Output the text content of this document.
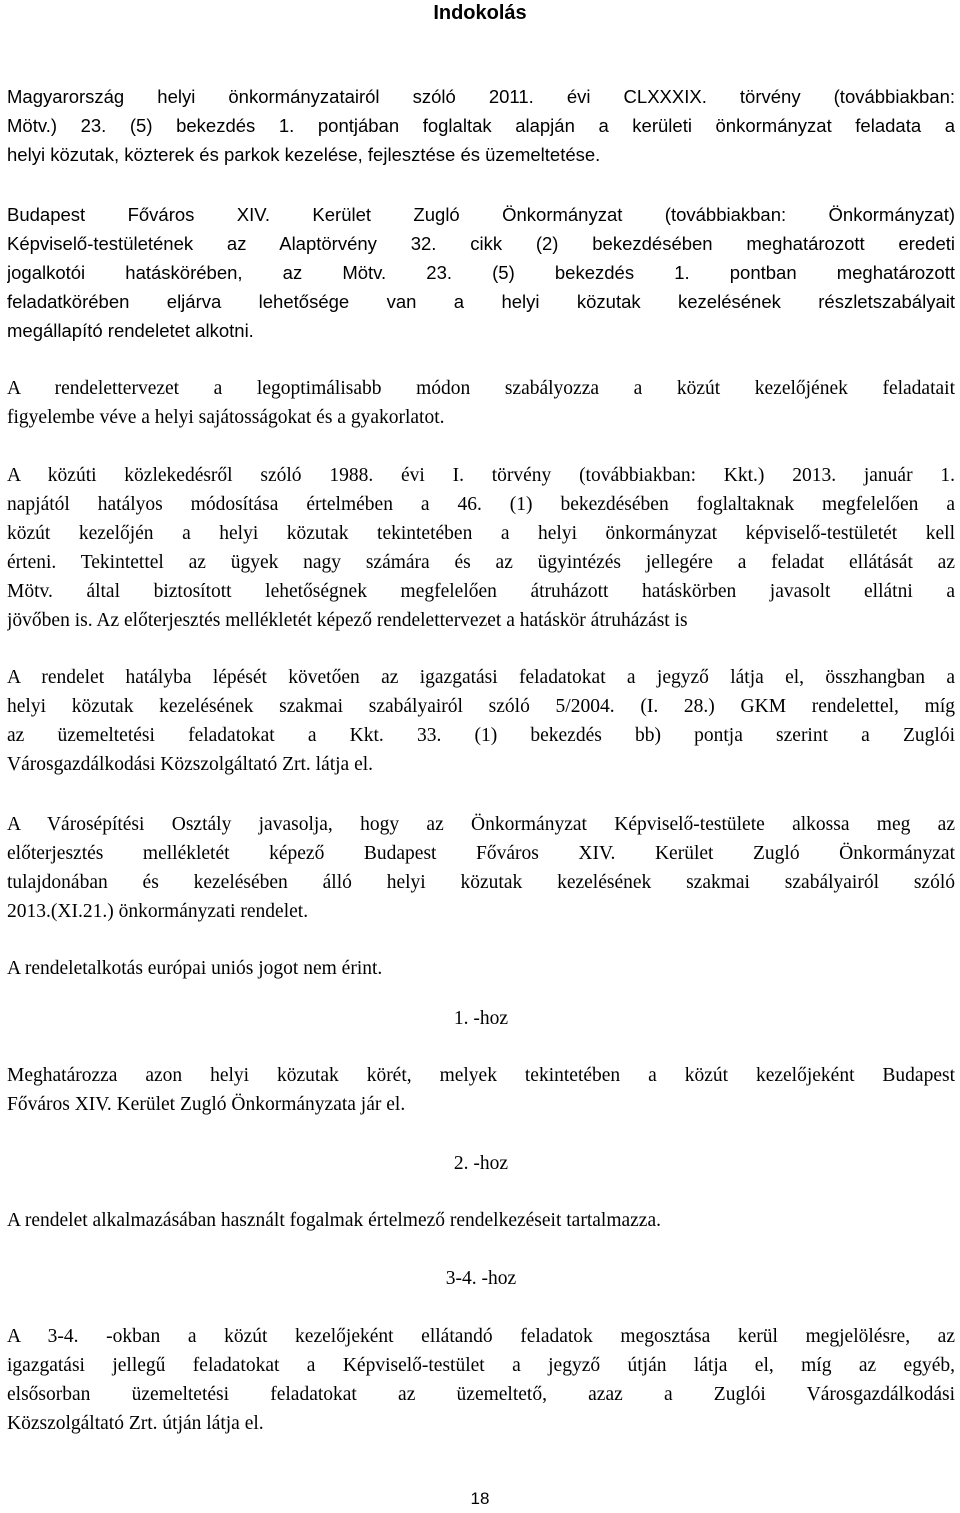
Indokolás
Magyarország helyi önkormányzatairól szóló 2011. évi CLXXXIX. törvény (továbbiakban:
Mötv.) 23. (5) bekezdés 1. pontjában foglaltak alapján a kerületi önkormányzat feladata a
helyi közutak, közterek és parkok kezelése, fejlesztése és üzemeltetése.
Budapest Főváros XIV. Kerület Zugló Önkormányzat (továbbiakban: Önkormányzat)
Képviselő-testületének az Alaptörvény 32. cikk (2) bekezdésében meghatározott eredeti
jogalkotói hatáskörében, az Mötv. 23. (5) bekezdés 1. pontban meghatározott
feladatkörében eljárva lehetősége van a helyi közutak kezelésének részletszabályait
megállapító rendeletet alkotni.
A rendelettervezet a legoptimálisabb módon szabályozza a közút kezelőjének feladatait
figyelembe véve a helyi sajátosságokat és a gyakorlatot.
A közúti közlekedésről szóló 1988. évi I. törvény (továbbiakban: Kkt.) 2013. január 1.
napjától hatályos módosítása értelmében a 46. (1) bekezdésében foglaltaknak megfelelően a
közút kezelőjén a helyi közutak tekintetében a helyi önkormányzat képviselő-testületét kell
érteni. Tekintettel az ügyek nagy számára és az ügyintézés jellegére a feladat ellátását az
Mötv. által biztosított lehetőségnek megfelelően átruházott hatáskörben javasolt ellátni a
jövőben is. Az előterjesztés mellékletét képező rendelettervezet a hatáskör átruházást is
A rendelet hatályba lépését követően az igazgatási feladatokat a jegyző látja el, összhangban a
helyi közutak kezelésének szakmai szabályairól szóló 5/2004. (I. 28.) GKM rendelettel, míg
az üzemeltetési feladatokat a Kkt. 33. (1) bekezdés bb) pontja szerint a Zuglói
Városgazdálkodási Közszolgáltató Zrt. látja el.
A Városépítési Osztály javasolja, hogy az Önkormányzat Képviselő-testülete alkossa meg az
előterjesztés mellékletét képező Budapest Főváros XIV. Kerület Zugló Önkormányzat
tulajdonában és kezelésében álló helyi közutak kezelésének szakmai szabályairól szóló
2013.(XI.21.) önkormányzati rendelet.
A rendeletalkotás európai uniós jogot nem érint.
1. -hoz
Meghatározza azon helyi közutak körét, melyek tekintetében a közút kezelőjeként Budapest
Főváros XIV. Kerület Zugló Önkormányzata jár el.
2. -hoz
A rendelet alkalmazásában használt fogalmak értelmező rendelkezéseit tartalmazza.
3-4. -hoz
A 3-4. -okban a közút kezelőjeként ellátandó feladatok megosztása kerül megjelölésre, az
igazgatási jellegű feladatokat a Képviselő-testület a jegyző útján látja el, míg az egyéb,
elsősorban üzemeltetési feladatokat az üzemeltető, azaz a Zuglói Városgazdálkodási
Közszolgáltató Zrt. útján látja el.
18
